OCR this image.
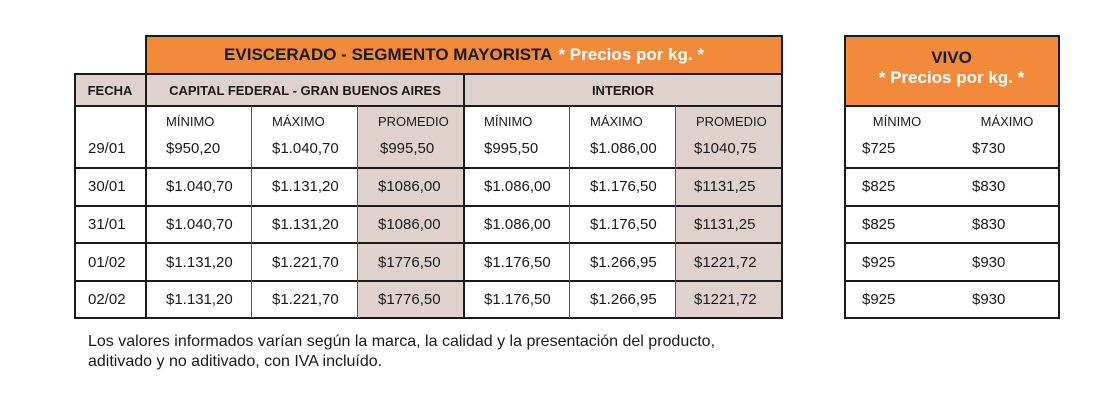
EVISCERADO - SEGMENTO MAYORISTA * Precios por kg. *
FECHA	CAPITAL FEDERAL - GRAN BUENOS AIRES	INTERIOR
MÍNIMO	MÁXIMO	PROMEDIO	MÍNIMO	MÁXIMO	PROMEDIO
29/01	$950,20	$1.040,70	$995,50	$995,50	$1.086,00 $1040,75
30/01	$1.040,70	$1.131,20	$1086,00	$1.086,00	$1.176,50 $1131,25
31/01	$1.040,70	$1.131,20	$1086,00	$1.086,00	$1.176,50 $1131,25
01/02	$1.131,20	$1.221,70	$1776,50	$1.176,50	$1.266,95 $1221,72
02/02	$1.131,20	$1.221,70	$1776,50	$1.176,50	$1.266,95 $1221,72
VIVO
* Precios por kg. *
MÍNIMO	MÁXIMO
$725	$730
$825	$830
$825	$830
$925	$930
$925	$930
Los valores informados varían según la marca, la calidad y la presentación del producto,
aditivado y no aditivado, con IVA incluído.
